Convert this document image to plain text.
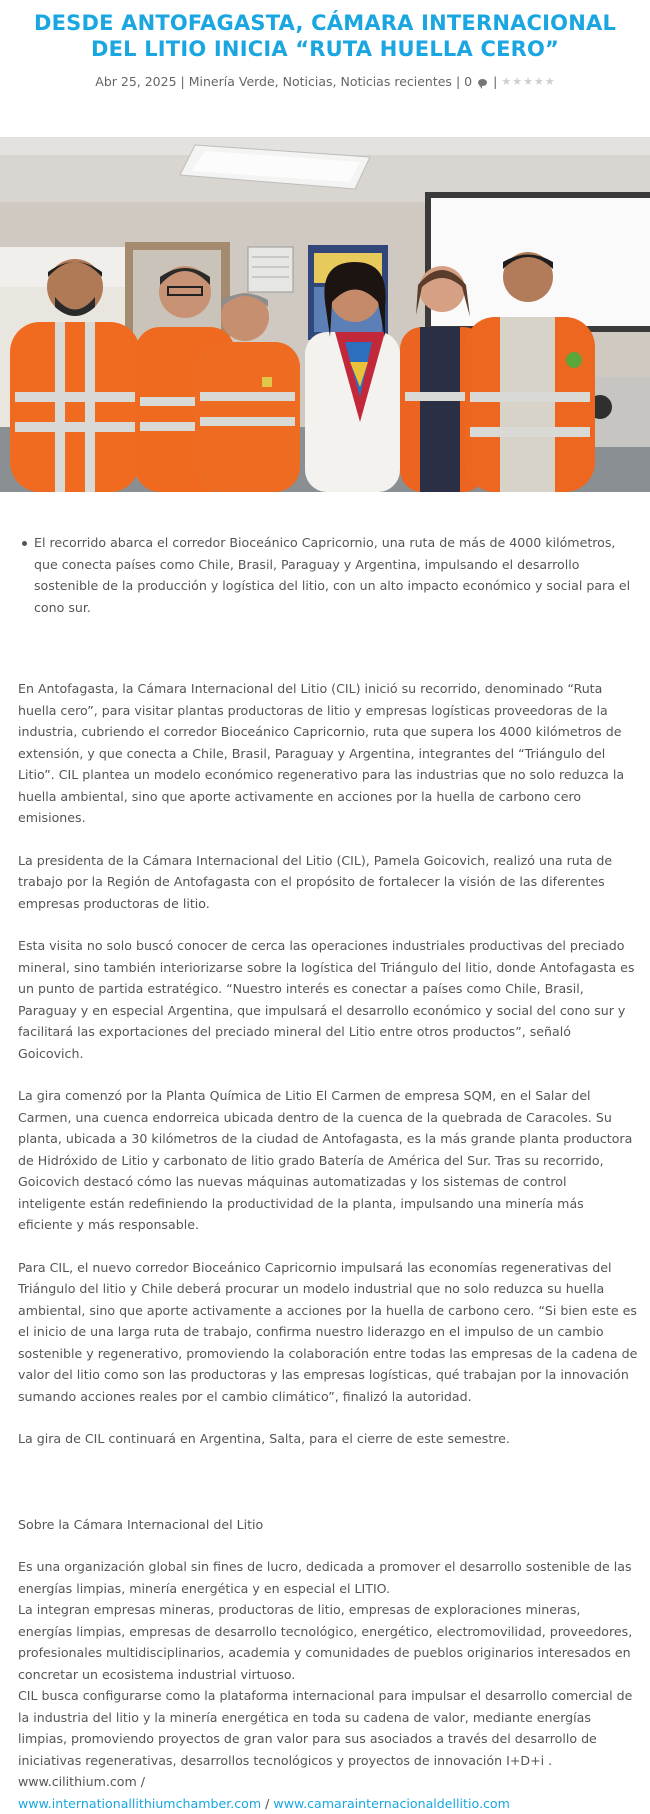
DESDE ANTOFAGASTA, CÁMARA INTERNACIONAL DEL LITIO INICIA “RUTA HUELLA CERO”
Abr 25, 2025 | Minería Verde, Noticias, Noticias recientes | 0 | ★ ★ ★ ★ ★
El recorrido abarca el corredor Bioceánico Capricornio, una ruta de más de 4000 kilómetros, que conecta países como Chile, Brasil, Paraguay y Argentina, impulsando el desarrollo sostenible de la producción y logística del litio, con un alto impacto económico y social para el cono sur.

En Antofagasta, la Cámara Internacional del Litio (CIL) inició su recorrido, denominado “Ruta huella cero”, para visitar plantas productoras de litio y empresas logísticas proveedoras de la industria, cubriendo el corredor Bioceánico Capricornio, ruta que supera los 4000 kilómetros de extensión, y que conecta a Chile, Brasil, Paraguay y Argentina, integrantes del “Triángulo del Litio”. CIL plantea un modelo económico regenerativo para las industrias que no solo reduzca la huella ambiental, sino que aporte activamente en acciones por la huella de carbono cero emisiones.

La presidenta de la Cámara Internacional del Litio (CIL), Pamela Goicovich, realizó una ruta de trabajo por la Región de Antofagasta con el propósito de fortalecer la visión de las diferentes empresas productoras de litio.

Esta visita no solo buscó conocer de cerca las operaciones industriales productivas del preciado mineral, sino también interiorizarse sobre la logística del Triángulo del litio, donde Antofagasta es un punto de partida estratégico. “Nuestro interés es conectar a países como Chile, Brasil, Paraguay y en especial Argentina, que impulsará el desarrollo económico y social del cono sur y facilitará las exportaciones del preciado mineral del Litio entre otros productos”, señaló Goicovich.

La gira comenzó por la Planta Química de Litio El Carmen de empresa SQM, en el Salar del Carmen, una cuenca endorreica ubicada dentro de la cuenca de la quebrada de Caracoles. Su planta, ubicada a 30 kilómetros de la ciudad de Antofagasta, es la más grande planta productora de Hidróxido de Litio y carbonato de litio grado Batería de América del Sur. Tras su recorrido, Goicovich destacó cómo las nuevas máquinas automatizadas y los sistemas de control inteligente están redefiniendo la productividad de la planta, impulsando una minería más eficiente y más responsable.

Para CIL, el nuevo corredor Bioceánico Capricornio impulsará las economías regenerativas del Triángulo del litio y Chile deberá procurar un modelo industrial que no solo reduzca su huella ambiental, sino que aporte activamente a acciones por la huella de carbono cero. “Si bien este es el inicio de una larga ruta de trabajo, confirma nuestro liderazgo en el impulso de un cambio sostenible y regenerativo, promoviendo la colaboración entre todas las empresas de la cadena de valor del litio como son las productoras y las empresas logísticas, qué trabajan por la innovación sumando acciones reales por el cambio climático”, finalizó la autoridad.

La gira de CIL continuará en Argentina, Salta, para el cierre de este semestre.

Sobre la Cámara Internacional del Litio

Es una organización global sin fines de lucro, dedicada a promover el desarrollo sostenible de las energías limpias, minería energética y en especial el LITIO.

La integran empresas mineras, productoras de litio, empresas de exploraciones mineras, energías limpias, empresas de desarrollo tecnológico, energético, electromovilidad, proveedores, profesionales multidisciplinarios, academia y comunidades de pueblos originarios interesados en concretar un ecosistema industrial virtuoso.

CIL busca configurarse como la plataforma internacional para impulsar el desarrollo comercial de la industria del litio y la minería energética en toda su cadena de valor, mediante energías limpias, promoviendo proyectos de gran valor para sus asociados a través del desarrollo de iniciativas regenerativas, desarrollos tecnológicos y proyectos de innovación I+D+i . www.cilithium.com /

www.internationallithiumchamber.com / www.camarainternacionaldellitio.com
